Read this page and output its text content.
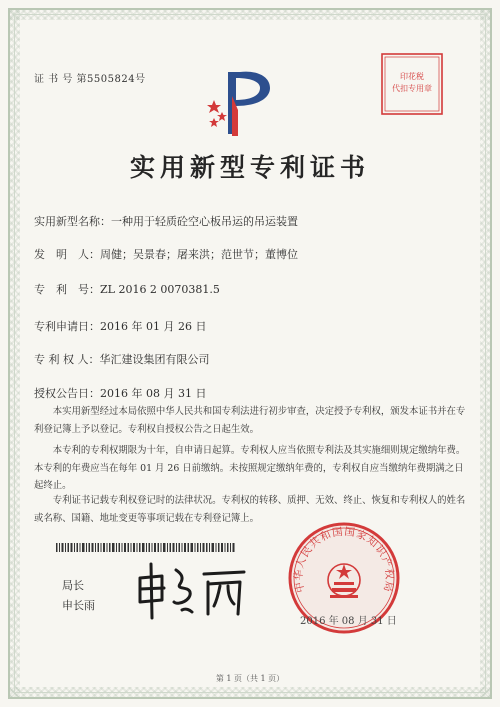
证 书 号 第5505824号	印花税
代扣专用章
实用新型专利证书
实用新型名称：一种用于轻质砼空心板吊运的吊运装置
发　明　人：周健；吴景春；屠来洪；范世节；董博位
专　利　号：ZL 2016 2 0070381.5
专利申请日：2016 年 01 月 26 日
专 利 权 人：华汇建设集团有限公司
授权公告日：2016 年 08 月 31 日

本实用新型经过本局依照中华人民共和国专利法进行初步审查，决定授予专利权，颁发本证书并在专利登记簿上予以登记。专利权自授权公告之日起生效。

本专利的专利权期限为十年，自申请日起算。专利权人应当依照专利法及其实施细则规定缴纳年费。本专利的年费应当在每年 01 月 26 日前缴纳。未按照规定缴纳年费的，专利权自应当缴纳年费期满之日起终止。

专利证书记载专利权登记时的法律状况。专利权的转移、质押、无效、终止、恢复和专利权人的姓名或名称、国籍、地址变更等事项记载在专利登记簿上。

局长
申长雨
中华人民共和国国家知识产权局
2016 年 08 月 31 日
第 1 页（共 1 页）
